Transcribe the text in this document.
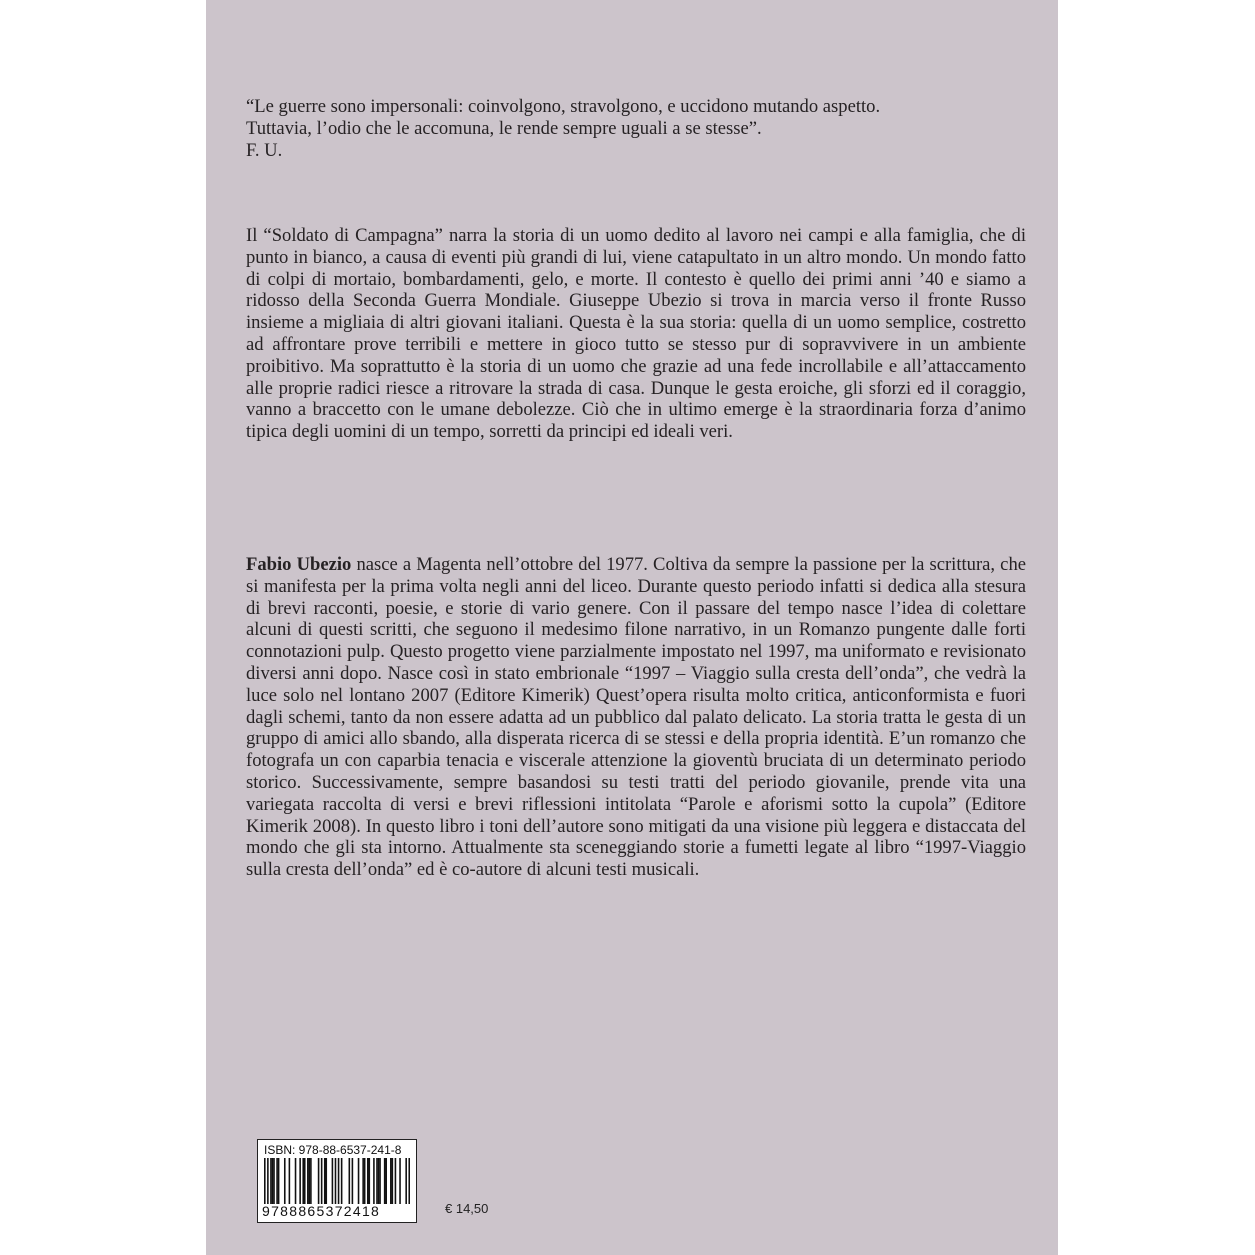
“Le guerre sono impersonali: coinvolgono, stravolgono, e uccidono mutando aspetto.
Tuttavia, l’odio che le accomuna, le rende sempre uguali a se stesse”.
F. U.
Il “Soldato di Campagna” narra la storia di un uomo dedito al lavoro nei campi e alla famiglia, che di punto in bianco, a causa di eventi più grandi di lui, viene catapultato in un altro mondo. Un mondo fatto di colpi di mortaio, bombardamenti, gelo, e morte. Il contesto è quello dei primi anni ’40 e siamo a ridosso della Seconda Guerra Mondiale. Giuseppe Ubezio si trova in marcia verso il fronte Russo insieme a migliaia di altri giovani italiani. Questa è la sua storia: quella di un uomo semplice, costretto ad affrontare prove terribili e mettere in gioco tutto se stesso pur di sopravvivere in un ambiente proibitivo. Ma soprattutto è la storia di un uomo che grazie ad una fede incrollabile e all’attaccamento alle proprie radici riesce a ritrovare la strada di casa. Dunque le gesta eroiche, gli sforzi ed il coraggio, vanno a braccetto con le umane debolezze. Ciò che in ultimo emerge è la straordinaria forza d’animo tipica degli uomini di un tempo, sorretti da principi ed ideali veri.
Fabio Ubezio nasce a Magenta nell’ottobre del 1977. Coltiva da sempre la passione per la scrittura, che si manifesta per la prima volta negli anni del liceo. Durante questo periodo infatti si dedica alla stesura di brevi racconti, poesie, e storie di vario genere. Con il passare del tempo nasce l’idea di colettare alcuni di questi scritti, che seguono il medesimo filone narrativo, in un Romanzo pungente dalle forti connotazioni pulp. Questo progetto viene parzialmente impostato nel 1997, ma uniformato e revisionato diversi anni dopo. Nasce così in stato embrionale “1997 – Viaggio sulla cresta dell’onda”, che vedrà la luce solo nel lontano 2007 (Editore Kimerik) Quest’opera risulta molto critica, anticonformista e fuori dagli schemi, tanto da non essere adatta ad un pubblico dal palato delicato. La storia tratta le gesta di un gruppo di amici allo sbando, alla disperata ricerca di se stessi e della propria identità. E’un romanzo che fotografa un con caparbia tenacia e viscerale attenzione la gioventù bruciata di un determinato periodo storico. Successivamente, sempre basandosi su testi tratti del periodo giovanile, prende vita una variegata raccolta di versi e brevi riflessioni intitolata “Parole e aforismi sotto la cupola” (Editore Kimerik 2008). In questo libro i toni dell’autore sono mitigati da una visione più leggera e distaccata del mondo che gli sta intorno. Attualmente sta sceneggiando storie a fumetti legate al libro “1997-Viaggio sulla cresta dell’onda” ed è co-autore di alcuni testi musicali.
ISBN: 978-88-6537-241-8
9788865372418	€ 14,50
